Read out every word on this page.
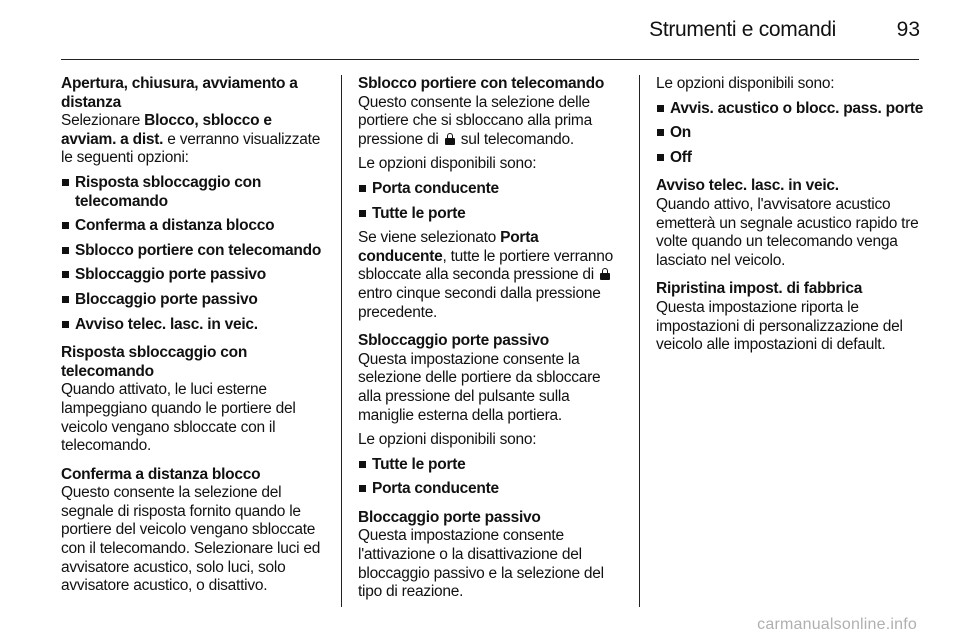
Strumenti e comandi	93

Apertura, chiusura, avviamento a distanza

Selezionare Blocco, sblocco e avviam. a dist. e verranno visualizzate le seguenti opzioni:

Risposta sbloccaggio con telecomando
Conferma a distanza blocco
Sblocco portiere con telecomando
Sbloccaggio porte passivo
Bloccaggio porte passivo
Avviso telec. lasc. in veic.

Risposta sbloccaggio con telecomando

Quando attivato, le luci esterne lampeggiano quando le portiere del veicolo vengano sbloccate con il telecomando.

Conferma a distanza blocco

Questo consente la selezione del segnale di risposta fornito quando le portiere del veicolo vengano sbloccate con il telecomando. Selezionare luci ed avvisatore acustico, solo luci, solo avvisatore acustico, o disattivo.

Sblocco portiere con telecomando

Questo consente la selezione delle portiere che si sbloccano alla prima pressione di  sul telecomando.

Le opzioni disponibili sono:

Porta conducente
Tutte le porte

Se viene selezionato Porta conducente, tutte le portiere verranno sbloccate alla seconda pressione di  entro cinque secondi dalla pressione precedente.

Sbloccaggio porte passivo

Questa impostazione consente la selezione delle portiere da sbloccare alla pressione del pulsante sulla maniglie esterna della portiera.

Le opzioni disponibili sono:

Tutte le porte
Porta conducente

Bloccaggio porte passivo

Questa impostazione consente l'attivazione o la disattivazione del bloccaggio passivo e la selezione del tipo di reazione.

Le opzioni disponibili sono:

Avvis. acustico o blocc. pass. porte
On
Off

Avviso telec. lasc. in veic.

Quando attivo, l'avvisatore acustico emetterà un segnale acustico rapido tre volte quando un telecomando venga lasciato nel veicolo.

Ripristina impost. di fabbrica

Questa impostazione riporta le impostazioni di personalizzazione del veicolo alle impostazioni di default.

carmanualsonline.info
